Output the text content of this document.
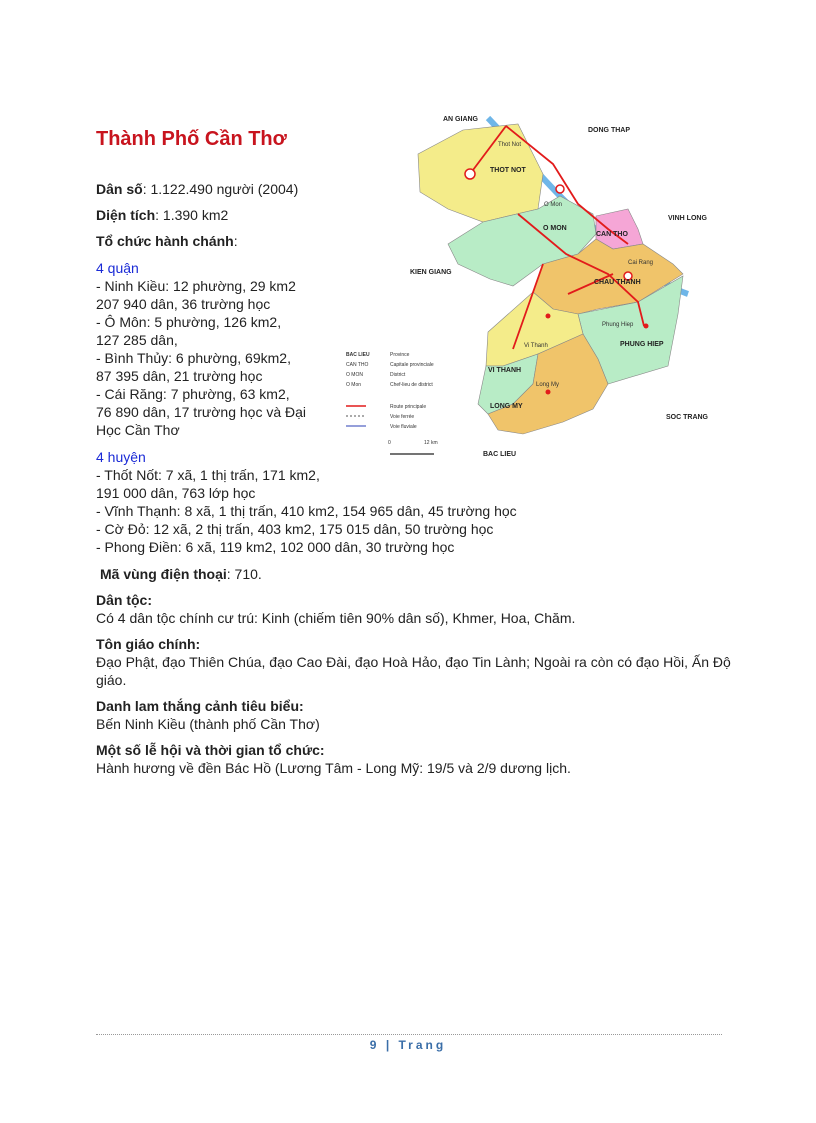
Thành Phố Cần Thơ
Dân số: 1.122.490 người (2004)
Diện tích: 1.390 km2
Tổ chức hành chánh:
4 quận
- Ninh Kiều: 12 phường, 29 km2
207 940 dân, 36 trường học
- Ô Môn: 5 phường, 126 km2,
127 285 dân,
- Bình Thủy: 6 phường, 69km2,
87 395 dân, 21 trường học
- Cái Răng: 7 phường, 63 km2,
76 890 dân, 17 trường học và Đại
Học Cần Thơ
4 huyện
- Thốt Nốt: 7 xã, 1 thị trấn, 171 km2,
191 000 dân, 763 lớp học
- Vĩnh Thạnh: 8 xã, 1 thị trấn, 410 km2, 154 965 dân, 45 trường học
- Cờ Đỏ: 12 xã, 2 thị trấn, 403 km2, 175 015 dân, 50 trường học
- Phong Điền: 6 xã, 119 km2, 102 000 dân, 30 trường học
Mã vùng điện thoại: 710.
Dân tộc:
Có 4 dân tộc chính cư trú: Kinh (chiếm tiên 90% dân số), Khmer, Hoa, Chăm.
Tôn giáo chính:
Đạo Phật, đạo Thiên Chúa, đạo Cao Đài, đạo Hoà Hảo, đạo Tin Lành; Ngoài ra còn có đạo Hồi, Ấn Độ giáo.
Danh lam thắng cảnh tiêu biểu:
Bến Ninh Kiều (thành phố Cần Thơ)
Một số lễ hội và thời gian tổ chức:
Hành hương về đền Bác Hồ (Lương Tâm - Long Mỹ: 19/5 và 2/9 dương lịch.
AN GIANG
DONG THAP
VINH LONG
KIEN GIANG
SOC TRANG
BAC LIEU
THOT NOT
O MON
CAN THO
CHAU THANH
PHUNG HIEP
VI THANH
LONG MY
Thot Not
O Mon
Cai Rang
Phung Hiep
Vi Thanh
Long My
BAC LIEU	Province
CAN THO	Capitale provinciale
O MON	District
O Mon	Chef-lieu de district
Route principale
Voie ferrée
Voie fluviale
0	12 km
9 | Trang
